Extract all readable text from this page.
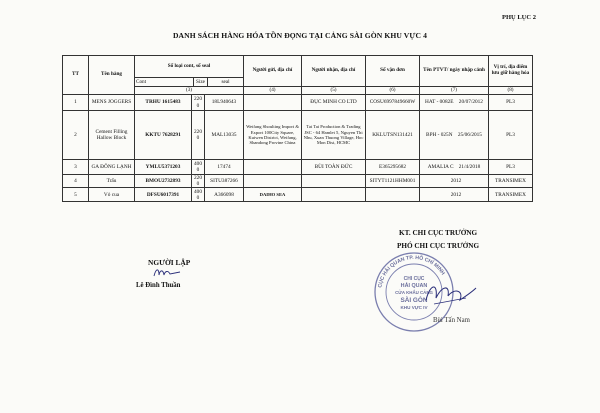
PHỤ LỤC 2
DANH SÁCH HÀNG HÓA TỒN ĐỌNG TẠI CẢNG SÀI GÒN KHU VỰC 4
TT	Tên hàng	Số loại cont, số seal
Cont Size seal			Người gửi, địa chỉ	Người nhận, địa chỉ	Số vận đơn	Tên PTVT/ ngày nhập cảnh	Vị trí, địa điểm lưu giữ hàng hóa
		(3)			(4)	(5)	(6)	(7)	(8)
1	MENS JOGGERS	TRHU 1615483	2200	18L940643		ĐỤC MINH CO LTD	COSU6997849660W	HAT - 0082E 20/07/2012	PL3
2	Cement Filling Hallow Block	KKTU 7628291	2200	MAL13035	Weifang Shoulting Import & Export 100City Square, Kuiwen District, Weifang, Shandong Provine China	Tai Tai Production & Trading JSC - 64 Hamlet 5, Nguyen Thi Nhu, Xuan Thuong Village, Hoc Mon Dist, HCMC	KKLUTSN131421	BPH - 025N 25/06/2015	PL3
3	GA ĐÔNG LẠNH	YMLU5371203	4000	17474		BÙI TOÀN ĐỨC	E365295682	AMALIA C 21/4/2018	PL3
4	Trấu	BMOU2732893	2200	SITU387266			SITYT1121HHM001	2012	TRANSIMEX
5	Vỏ cua	DFSU6017391	4000	A366098	DAIHO SEA			2012	TRANSIMEX
NGƯỜI LẬP
Lê Đình Thuần
KT. CHI CỤC TRƯỞNG
PHÓ CHI CỤC TRƯỞNG
CỤC HẢI QUAN TP. HỒ CHÍ MINH
CHI CỤC
HẢI QUAN
CỬA KHẨU CẢNG
SÀI GÒN
KHU VỰC IV
Bùi Tấn Nam
